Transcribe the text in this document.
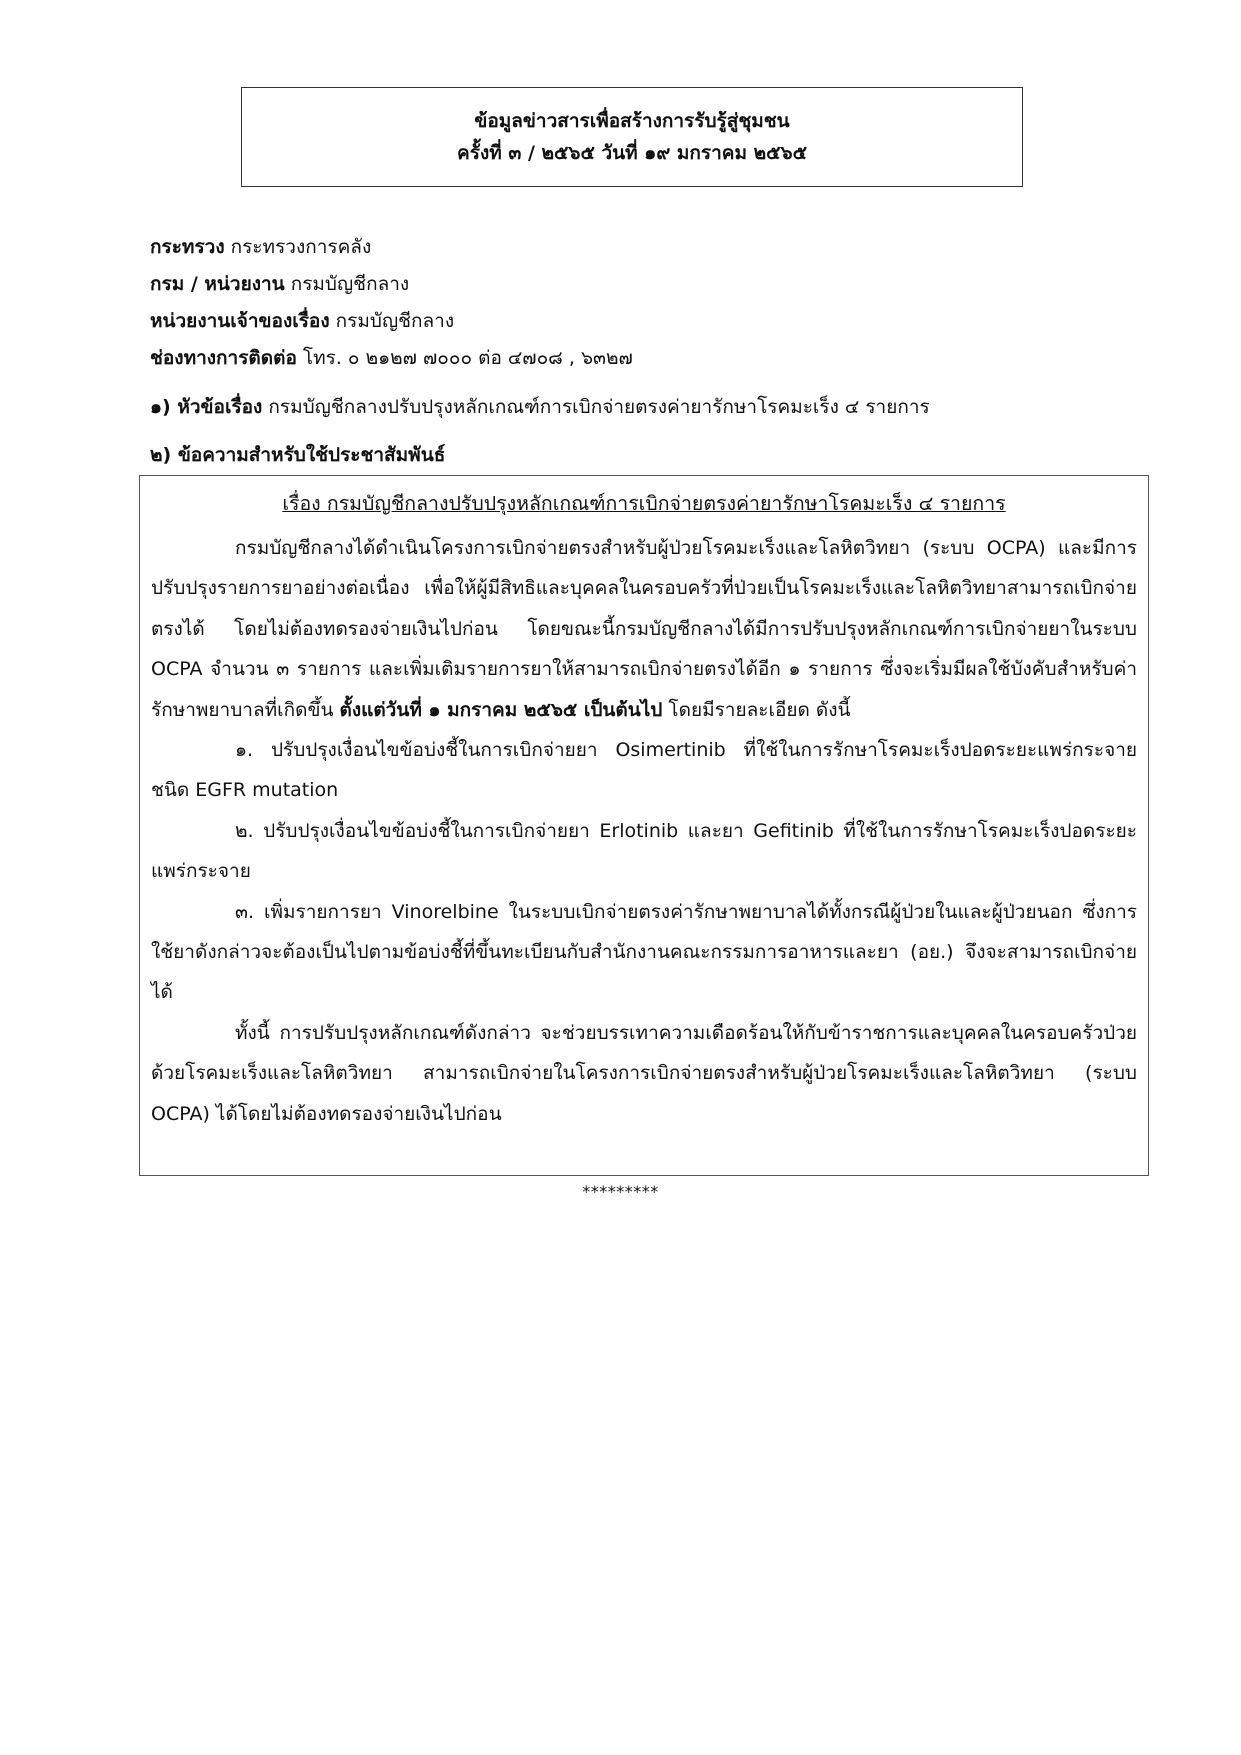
ข้อมูลข่าวสารเพื่อสร้างการรับรู้สู่ชุมชน
ครั้งที่ ๓ / ๒๕๖๕ วันที่ ๑๙ มกราคม ๒๕๖๕
กระทรวง กระทรวงการคลัง
กรม / หน่วยงาน กรมบัญชีกลาง
หน่วยงานเจ้าของเรื่อง กรมบัญชีกลาง
ช่องทางการติดต่อ โทร. ๐ ๒๑๒๗ ๗๐๐๐ ต่อ ๔๗๐๘ , ๖๓๒๗
๑) หัวข้อเรื่อง กรมบัญชีกลางปรับปรุงหลักเกณฑ์การเบิกจ่ายตรงค่ายารักษาโรคมะเร็ง ๔ รายการ
๒) ข้อความสำหรับใช้ประชาสัมพันธ์
เรื่อง กรมบัญชีกลางปรับปรุงหลักเกณฑ์การเบิกจ่ายตรงค่ายารักษาโรคมะเร็ง ๔ รายการ

กรมบัญชีกลางได้ดำเนินโครงการเบิกจ่ายตรงสำหรับผู้ป่วยโรคมะเร็งและโลหิตวิทยา (ระบบ OCPA) และมีการปรับปรุงรายการยาอย่างต่อเนื่อง เพื่อให้ผู้มีสิทธิและบุคคลในครอบครัวที่ป่วยเป็นโรคมะเร็งและโลหิตวิทยาสามารถเบิกจ่ายตรงได้ โดยไม่ต้องทดรองจ่ายเงินไปก่อน โดยขณะนี้กรมบัญชีกลางได้มีการปรับปรุงหลักเกณฑ์การเบิกจ่ายยาในระบบ OCPA จำนวน ๓ รายการ และเพิ่มเติมรายการยาให้สามารถเบิกจ่ายตรงได้อีก ๑ รายการ ซึ่งจะเริ่มมีผลใช้บังคับสำหรับค่ารักษาพยาบาลที่เกิดขึ้น ตั้งแต่วันที่ ๑ มกราคม ๒๕๖๕ เป็นต้นไป โดยมีรายละเอียด ดังนี้

๑. ปรับปรุงเงื่อนไขข้อบ่งชี้ในการเบิกจ่ายยา Osimertinib ที่ใช้ในการรักษาโรคมะเร็งปอดระยะแพร่กระจาย ชนิด EGFR mutation

๒. ปรับปรุงเงื่อนไขข้อบ่งชี้ในการเบิกจ่ายยา Erlotinib และยา Gefitinib ที่ใช้ในการรักษาโรคมะเร็งปอดระยะแพร่กระจาย

๓. เพิ่มรายการยา Vinorelbine ในระบบเบิกจ่ายตรงค่ารักษาพยาบาลได้ทั้งกรณีผู้ป่วยในและผู้ป่วยนอก ซึ่งการใช้ยาดังกล่าวจะต้องเป็นไปตามข้อบ่งชี้ที่ขึ้นทะเบียนกับสำนักงานคณะกรรมการอาหารและยา (อย.) จึงจะสามารถเบิกจ่ายได้

ทั้งนี้ การปรับปรุงหลักเกณฑ์ดังกล่าว จะช่วยบรรเทาความเดือดร้อนให้กับข้าราชการและบุคคลในครอบครัวป่วยด้วยโรคมะเร็งและโลหิตวิทยา สามารถเบิกจ่ายในโครงการเบิกจ่ายตรงสำหรับผู้ป่วยโรคมะเร็งและโลหิตวิทยา (ระบบ OCPA) ได้โดยไม่ต้องทดรองจ่ายเงินไปก่อน

*********
